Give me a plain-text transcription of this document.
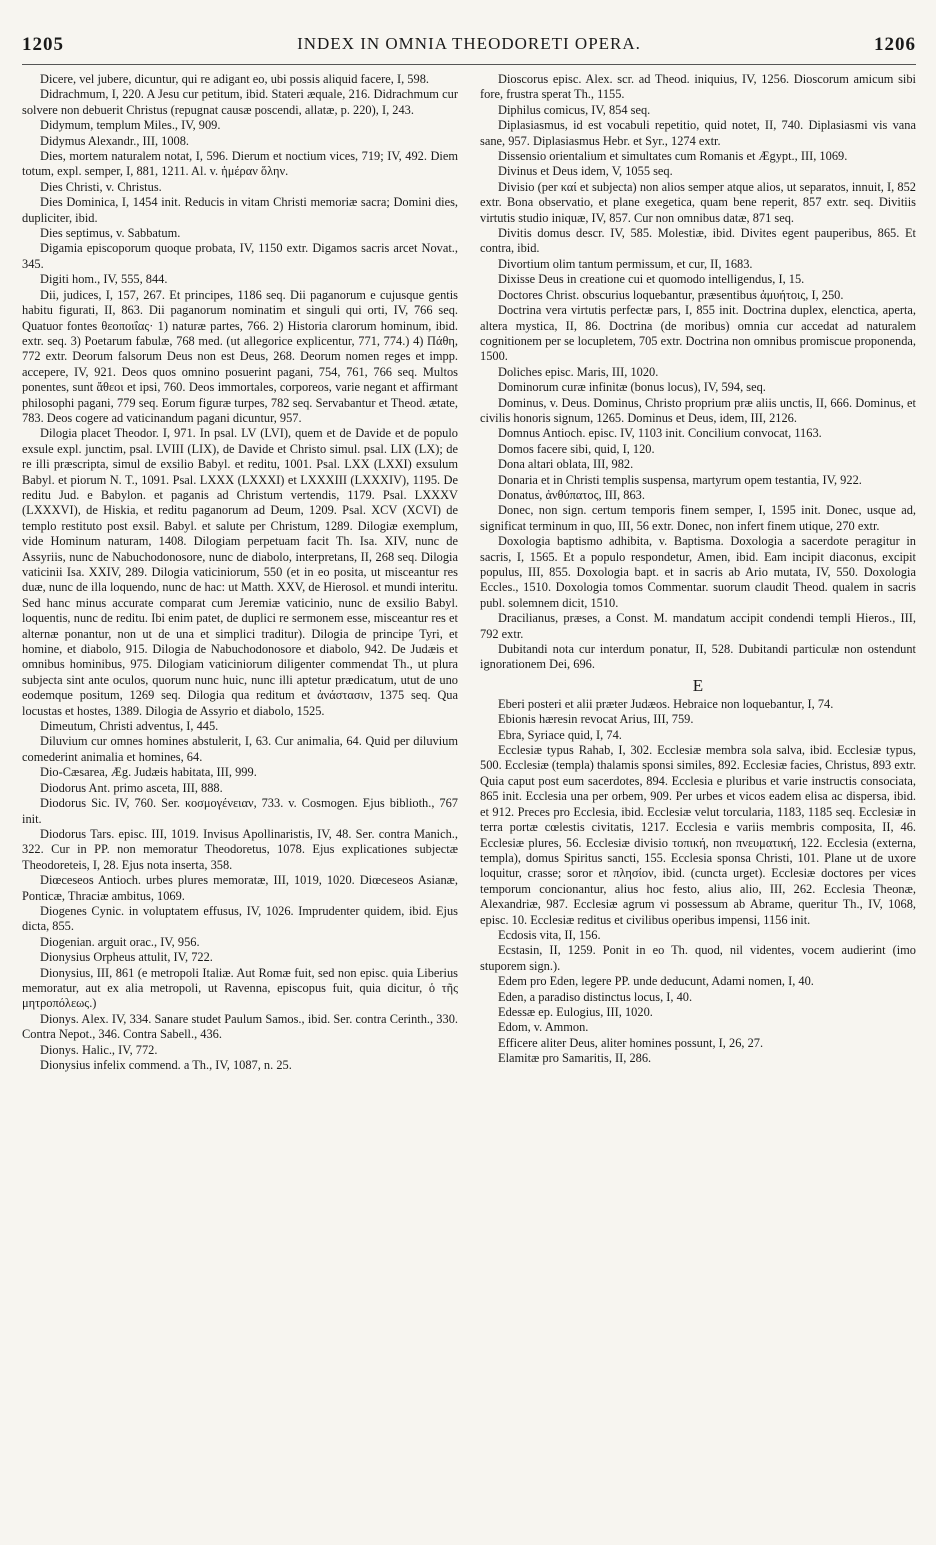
1205	INDEX IN OMNIA THEODORETI OPERA.	1206

Dicere, vel jubere, dicuntur, qui re adigant eo, ubi possis aliquid facere, I, 598.

Didrachmum, I, 220. A Jesu cur petitum, ibid. Stateri æquale, 216. Didrachmum cur solvere non debuerit Christus (repugnat causæ poscendi, allatæ, p. 220), I, 243.

Didymum, templum Miles., IV, 909.

Didymus Alexandr., III, 1008.

Dies, mortem naturalem notat, I, 596. Dierum et noctium vices, 719; IV, 492. Diem totum, expl. semper, I, 881, 1211. Al. v. ἡμέραν ὅλην.

Dies Christi, v. Christus.

Dies Dominica, I, 1454 init. Reducis in vitam Christi memoriæ sacra; Domini dies, dupliciter, ibid.

Dies septimus, v. Sabbatum.

Digamia episcoporum quoque probata, IV, 1150 extr. Digamos sacris arcet Novat., 345.

Digiti hom., IV, 555, 844.

Dii, judices, I, 157, 267. Et principes, 1186 seq. Dii paganorum e cujusque gentis habitu figurati, II, 863. Dii paganorum nominatim et singuli qui orti, IV, 766 seq. Quatuor fontes θεοποιΐας· 1) naturæ partes, 766. 2) Historia clarorum hominum, ibid. extr. seq. 3) Poetarum fabulæ, 768 med. (ut allegorice explicentur, 771, 774.) 4) Πάθη, 772 extr. Deorum falsorum Deus non est Deus, 268. Deorum nomen reges et impp. accepere, IV, 921. Deos quos omnino posuerint pagani, 754, 761, 766 seq. Multos ponentes, sunt ἄθεοι et ipsi, 760. Deos immortales, corporeos, varie negant et affirmant philosophi pagani, 779 seq. Eorum figuræ turpes, 782 seq. Servabantur et Theod. ætate, 783. Deos cogere ad vaticinandum pagani dicuntur, 957.

Dilogia placet Theodor. I, 971. In psal. LV (LVI), quem et de Davide et de populo exsule expl. junctim, psal. LVIII (LIX), de Davide et Christo simul. psal. LIX (LX); de re illi præscripta, simul de exsilio Babyl. et reditu, 1001. Psal. LXX (LXXI) exsulum Babyl. et piorum N. T., 1091. Psal. LXXX (LXXXI) et LXXXIII (LXXXIV), 1195. De reditu Jud. e Babylon. et paganis ad Christum vertendis, 1179. Psal. LXXXV (LXXXVI), de Hiskia, et reditu paganorum ad Deum, 1209. Psal. XCV (XCVI) de templo restituto post exsil. Babyl. et salute per Christum, 1289. Dilogiæ exemplum, vide Hominum naturam, 1408. Dilogiam perpetuam facit Th. Isa. XIV, nunc de Assyriis, nunc de Nabuchodonosore, nunc de diabolo, interpretans, II, 268 seq. Dilogia vaticinii Isa. XXIV, 289. Dilogia vaticiniorum, 550 (et in eo posita, ut misceantur res duæ, nunc de illa loquendo, nunc de hac: ut Matth. XXV, de Hierosol. et mundi interitu. Sed hanc minus accurate comparat cum Jeremiæ vaticinio, nunc de exsilio Babyl. loquentis, nunc de reditu. Ibi enim patet, de duplici re sermonem esse, misceantur res et alternæ ponantur, non ut de una et simplici traditur). Dilogia de principe Tyri, et homine, et diabolo, 915. Dilogia de Nabuchodonosore et diabolo, 942. De Judæis et omnibus hominibus, 975. Dilogiam vaticiniorum diligenter commendat Th., ut plura subjecta sint ante oculos, quorum nunc huic, nunc illi aptetur prædicatum, utut de uno eodemque positum, 1269 seq. Dilogia qua reditum et ἀνάστασιν, 1375 seq. Qua locustas et hostes, 1389. Dilogia de Assyrio et diabolo, 1525.

Dimeutum, Christi adventus, I, 445.

Diluvium cur omnes homines abstulerit, I, 63. Cur animalia, 64. Quid per diluvium comederint animalia et homines, 64.

Dio-Cæsarea, Æg. Judæis habitata, III, 999.

Diodorus Ant. primo asceta, III, 888.

Diodorus Sic. IV, 760. Ser. κοσμογένειαν, 733. v. Cosmogen. Ejus biblioth., 767 init.

Diodorus Tars. episc. III, 1019. Invisus Apollinaristis, IV, 48. Ser. contra Manich., 322. Cur in PP. non memoratur Theodoretus, 1078. Ejus explicationes subjectæ Theodoreteis, I, 28. Ejus nota inserta, 358.

Diœceseos Antioch. urbes plures memoratæ, III, 1019, 1020. Diœceseos Asianæ, Ponticæ, Thraciæ ambitus, 1069.

Diogenes Cynic. in voluptatem effusus, IV, 1026. Imprudenter quidem, ibid. Ejus dicta, 855.

Diogenian. arguit orac., IV, 956.

Dionysius Orpheus attulit, IV, 722.

Dionysius, III, 861 (e metropoli Italiæ. Aut Romæ fuit, sed non episc. quia Liberius memoratur, aut ex alia metropoli, ut Ravenna, episcopus fuit, quia dicitur, ὁ τῆς μητροπόλεως.)

Dionys. Alex. IV, 334. Sanare studet Paulum Samos., ibid. Ser. contra Cerinth., 330. Contra Nepot., 346. Contra Sabell., 436.

Dionys. Halic., IV, 772.

Dionysius infelix commend. a Th., IV, 1087, n. 25.

Dioscorus episc. Alex. scr. ad Theod. iniquius, IV, 1256. Dioscorum amicum sibi fore, frustra sperat Th., 1155.

Diphilus comicus, IV, 854 seq.

Diplasiasmus, id est vocabuli repetitio, quid notet, II, 740. Diplasiasmi vis vana sane, 957. Diplasiasmus Hebr. et Syr., 1274 extr.

Dissensio orientalium et simultates cum Romanis et Ægypt., III, 1069.

Divinus et Deus idem, V, 1055 seq.

Divisio (per καί et subjecta) non alios semper atque alios, ut separatos, innuit, I, 852 extr. Bona observatio, et plane exegetica, quam bene reperit, 857 extr. seq. Divitiis virtutis studio iniquæ, IV, 857. Cur non omnibus datæ, 871 seq.

Divitis domus descr. IV, 585. Molestiæ, ibid. Divites egent pauperibus, 865. Et contra, ibid.

Divortium olim tantum permissum, et cur, II, 1683.

Dixisse Deus in creatione cui et quomodo intelligendus, I, 15.

Doctores Christ. obscurius loquebantur, præsentibus ἀμυήτοις, I, 250.

Doctrina vera virtutis perfectæ pars, I, 855 init. Doctrina duplex, elenctica, aperta, altera mystica, II, 86. Doctrina (de moribus) omnia cur accedat ad naturalem cognitionem per se locupletem, 705 extr. Doctrina non omnibus promiscue proponenda, 1500.

Doliches episc. Maris, III, 1020.

Dominorum curæ infinitæ (bonus locus), IV, 594, seq.

Dominus, v. Deus. Dominus, Christo proprium præ aliis unctis, II, 666. Dominus, et civilis honoris signum, 1265. Dominus et Deus, idem, III, 2126.

Domnus Antioch. episc. IV, 1103 init. Concilium convocat, 1163.

Domos facere sibi, quid, I, 120.

Dona altari oblata, III, 982.

Donaria et in Christi templis suspensa, martyrum opem testantia, IV, 922.

Donatus, ἀνθύπατος, III, 863.

Donec, non sign. certum temporis finem semper, I, 1595 init. Donec, usque ad, significat terminum in quo, III, 56 extr. Donec, non infert finem utique, 270 extr.

Doxologia baptismo adhibita, v. Baptisma. Doxologia a sacerdote peragitur in sacris, I, 1565. Et a populo respondetur, Amen, ibid. Eam incipit diaconus, excipit populus, III, 855. Doxologia bapt. et in sacris ab Ario mutata, IV, 550. Doxologia Eccles., 1510. Doxologia tomos Commentar. suorum claudit Theod. qualem in sacris publ. solemnem dicit, 1510.

Dracilianus, præses, a Const. M. mandatum accipit condendi templi Hieros., III, 792 extr.

Dubitandi nota cur interdum ponatur, II, 528. Dubitandi particulæ non ostendunt ignorationem Dei, 696.

E

Eberi posteri et alii præter Judæos. Hebraice non loquebantur, I, 74.

Ebionis hæresin revocat Arius, III, 759.

Ebra, Syriace quid, I, 74.

Ecclesiæ typus Rahab, I, 302. Ecclesiæ membra sola salva, ibid. Ecclesiæ typus, 500. Ecclesiæ (templa) thalamis sponsi similes, 892. Ecclesiæ facies, Christus, 893 extr. Quia caput post eum sacerdotes, 894. Ecclesia e pluribus et varie instructis consociata, 865 init. Ecclesia una per orbem, 909. Per urbes et vicos eadem elisa ac dispersa, ibid. et 912. Preces pro Ecclesia, ibid. Ecclesiæ velut torcularia, 1183, 1185 seq. Ecclesiæ in terra portæ cœlestis civitatis, 1217. Ecclesia e variis membris composita, II, 46. Ecclesiæ plures, 56. Ecclesiæ divisio τοπική, non πνευματική, 122. Ecclesia (externa, templa), domus Spiritus sancti, 155. Ecclesia sponsa Christi, 101. Plane ut de uxore loquitur, crasse; soror et πλησίον, ibid. (cuncta urget). Ecclesiæ doctores per vices temporum concionantur, alius hoc festo, alius alio, III, 262. Ecclesia Theonæ, Alexandriæ, 987. Ecclesiæ agrum vi possessum ab Abrame, queritur Th., IV, 1068, episc. 10. Ecclesiæ reditus et civilibus operibus impensi, 1156 init.

Ecdosis vita, II, 156.

Ecstasin, II, 1259. Ponit in eo Th. quod, nil videntes, vocem audierint (imo stuporem sign.).

Edem pro Eden, legere PP. unde deducunt, Adami nomen, I, 40.

Eden, a paradiso distinctus locus, I, 40.

Edessæ ep. Eulogius, III, 1020.

Edom, v. Ammon.

Efficere aliter Deus, aliter homines possunt, I, 26, 27.

Elamitæ pro Samaritis, II, 286.
